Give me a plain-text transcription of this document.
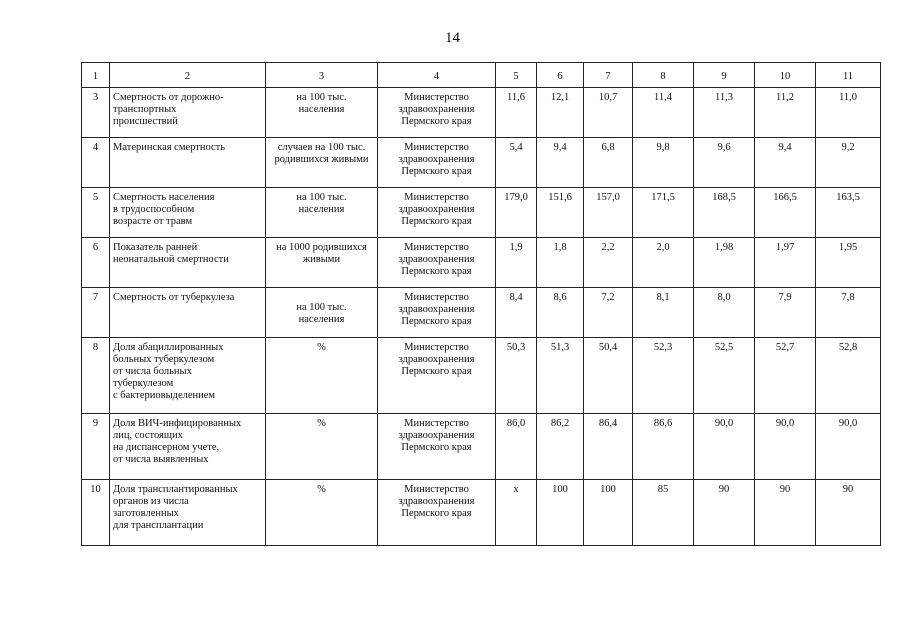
14
1	2	3	4	5	6	7	8	9	10	11

3	Смертность от дорожно-
транспортных
происшествий	на 100 тыс.
населения	Министерство
здравоохранения
Пермского края	11,6	12,1	10,7	11,4	11,3	11,2	11,0

4	Материнская смертность	случаев на 100 тыс.
родившихся живыми	Министерство
здравоохранения
Пермского края	5,4	9,4	6,8	9,8	9,6	9,4	9,2

5	Смертность населения
в трудоспособном
возрасте от травм	на 100 тыс.
населения	Министерство
здравоохранения
Пермского края	179,0	151,6	157,0	171,5	168,5	166,5	163,5

6	Показатель ранней
неонатальной смертности	на 1000 родившихся
живыми	Министерство
здравоохранения
Пермского края	1,9	1,8	2,2	2,0	1,98	1,97	1,95

7	Смертность от туберкулеза	на 100 тыс.
населения	Министерство
здравоохранения
Пермского края	8,4	8,6	7,2	8,1	8,0	7,9	7,8

8	Доля абациллированных
больных туберкулезом
от числа больных
туберкулезом
с бактериовыделением	%	Министерство
здравоохранения
Пермского края	50,3	51,3	50,4	52,3	52,5	52,7	52,8

9	Доля ВИЧ-инфицированных
лиц, состоящих
на диспансерном учете,
от числа выявленных	%	Министерство
здравоохранения
Пермского края	86,0	86,2	86,4	86,6	90,0	90,0	90,0

10	Доля трансплантированных
органов из числа
заготовленных
для трансплантации	%	Министерство
здравоохранения
Пермского края	x	100	100	85	90	90	90
